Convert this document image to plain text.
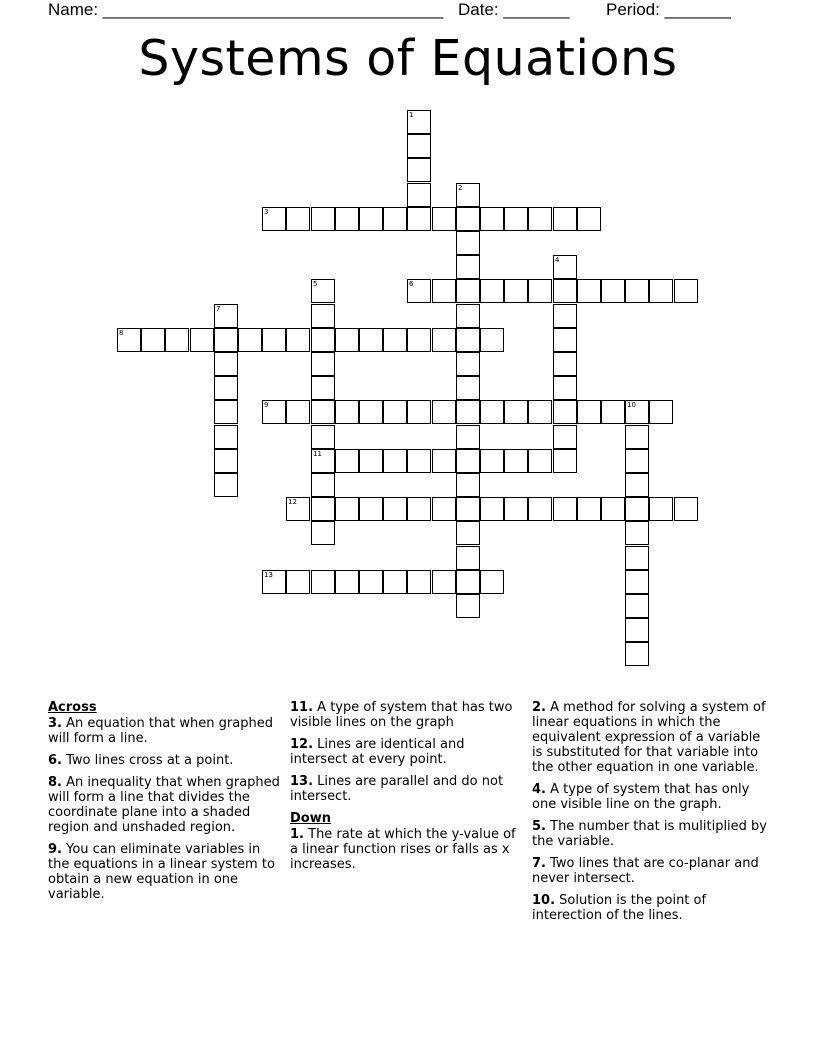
Name: ____________________________________ Date: _______ Period: _______
Systems of Equations
1
2
3
4
5
11
6
7
8
9	10
12
13
Across
3. An equation that when graphed will form a line.
6. Two lines cross at a point.
8. An inequality that when graphed will form a line that divides the coordinate plane into a shaded region and unshaded region.
9. You can eliminate variables in the equations in a linear system to obtain a new equation in one variable.
11. A type of system that has two visible lines on the graph
12. Lines are identical and intersect at every point.
13. Lines are parallel and do not intersect.
Down
1. The rate at which the y-value of a linear function rises or falls as x increases.
2. A method for solving a system of linear equations in which the equivalent expression of a variable is substituted for that variable into the other equation in one variable.
4. A type of system that has only one visible line on the graph.
5. The number that is mulitiplied by the variable.
7. Two lines that are co-planar and never intersect.
10. Solution is the point of interection of the lines.
